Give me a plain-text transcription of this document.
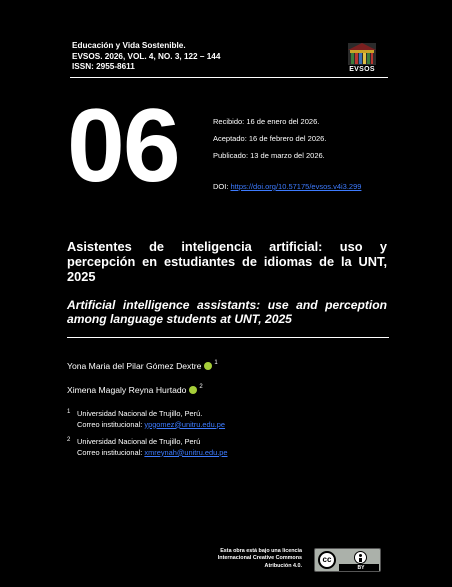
Educación y Vida Sostenible.
EVSOS. 2026, VOL. 4, NO. 3, 122 – 144
ISSN: 2955-8611	EVSOS
06	Recibido: 16 de enero del 2026.
Aceptado: 16 de febrero del 2026.
Publicado: 13 de marzo del 2026.
DOI: https://doi.org/10.57175/evsos.v4i3.299
Asistentes de inteligencia artificial: uso y percepción en estudiantes de idiomas de la UNT, 2025
Artificial intelligence assistants: use and perception among language students at UNT, 2025
Yona Maria del Pilar Gómez Dextre 1
Ximena Magaly Reyna Hurtado 2
1 Universidad Nacional de Trujillo, Perú.
Correo institucional: ypgomez@unitru.edu.pe
2 Universidad Nacional de Trujillo, Perú
Correo institucional: xmreynah@unitru.edu.pe
Esta obra está bajo una licencia
Internacional Creative Commons
Atribución 4.0.
cc
BY
